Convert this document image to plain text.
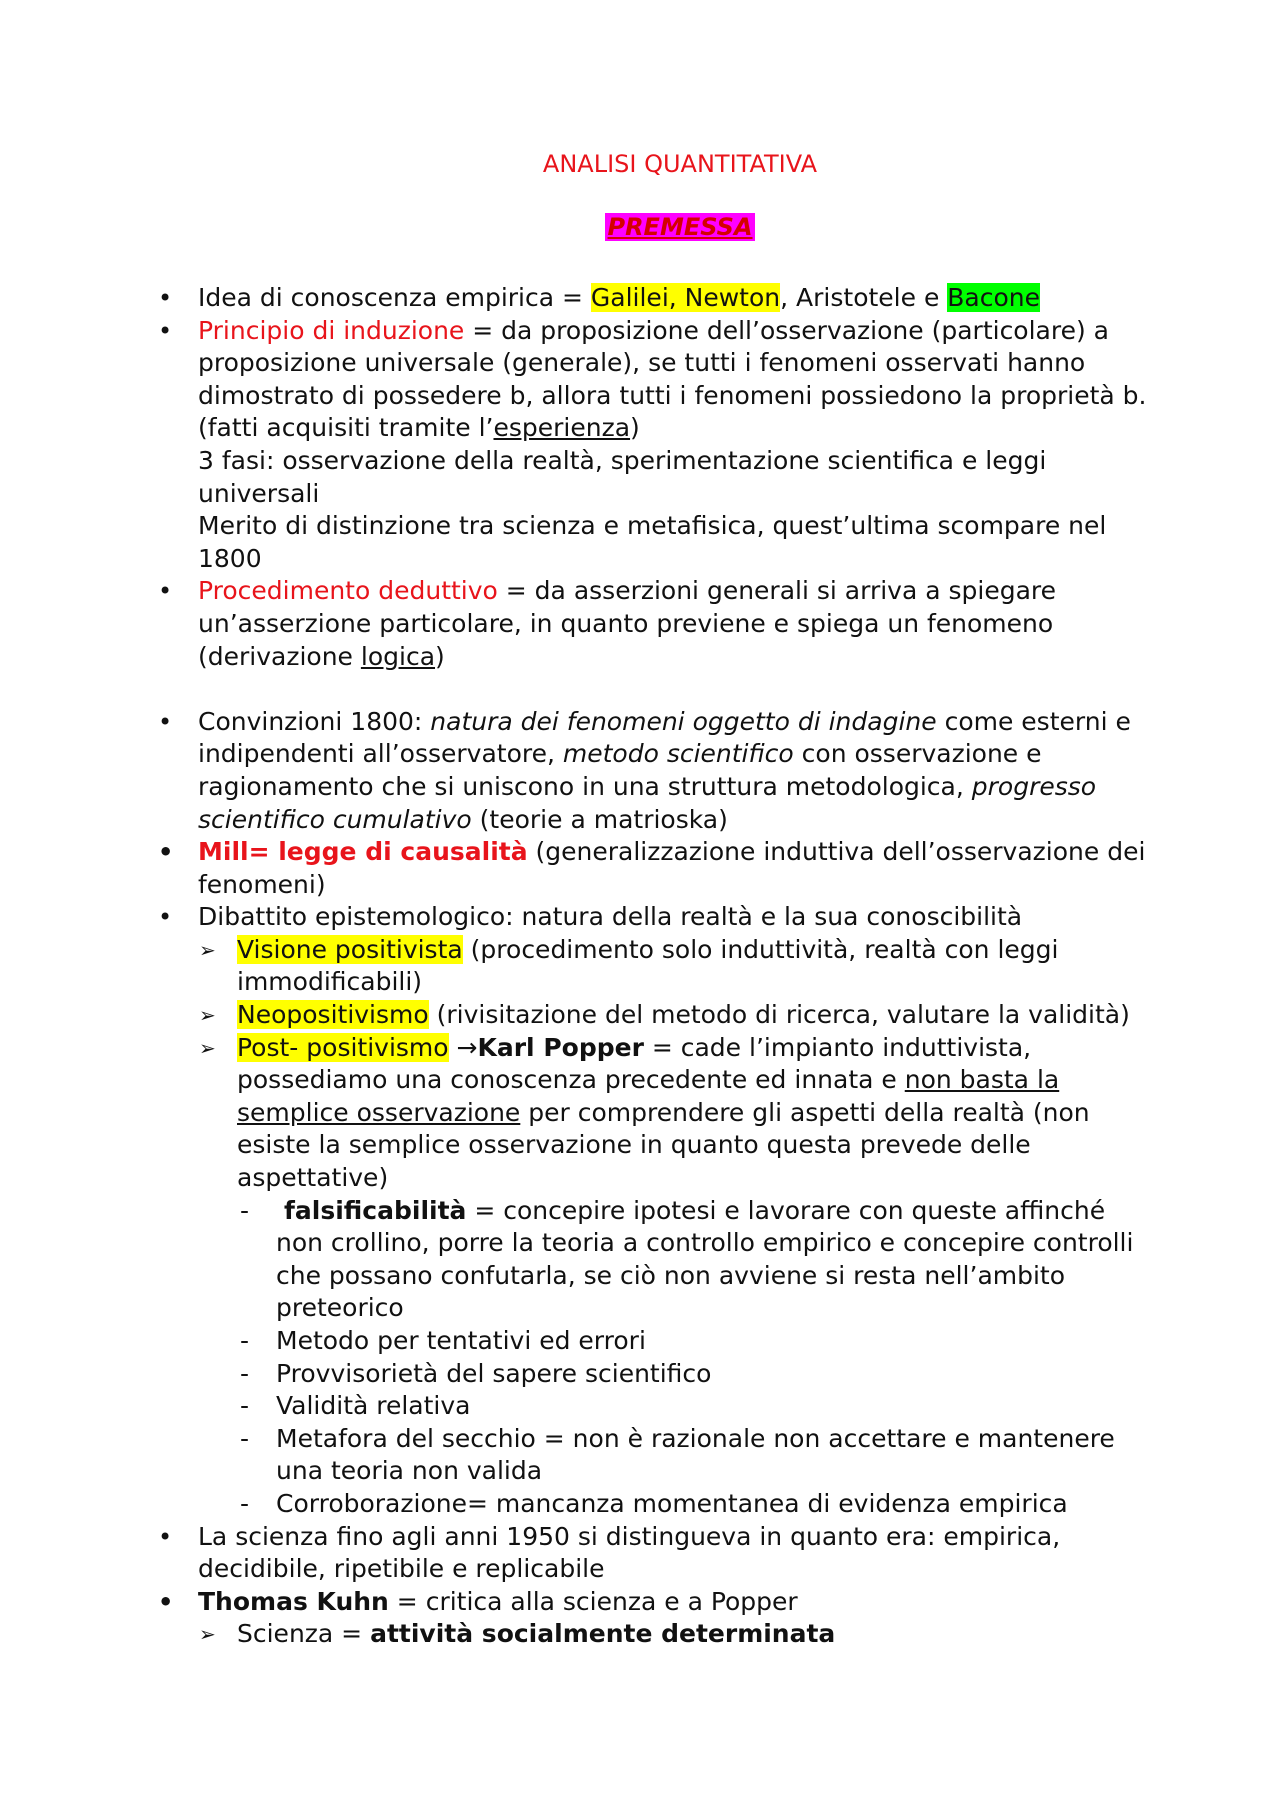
ANALISI QUANTITATIVA
PREMESSA
• Idea di conoscenza empirica = Galilei, Newton, Aristotele e Bacone
• Principio di induzione = da proposizione dell’osservazione (particolare) a proposizione universale (generale), se tutti i fenomeni osservati hanno dimostrato di possedere b, allora tutti i fenomeni possiedono la proprietà b. (fatti acquisiti tramite l’esperienza)
3 fasi: osservazione della realtà, sperimentazione scientifica e leggi universali
Merito di distinzione tra scienza e metafisica, quest’ultima scompare nel 1800
• Procedimento deduttivo = da asserzioni generali si arriva a spiegare un’asserzione particolare, in quanto previene e spiega un fenomeno (derivazione logica)
• Convinzioni 1800: natura dei fenomeni oggetto di indagine come esterni e indipendenti all’osservatore, metodo scientifico con osservazione e ragionamento che si uniscono in una struttura metodologica, progresso scientifico cumulativo (teorie a matrioska)
• Mill= legge di causalità (generalizzazione induttiva dell’osservazione dei fenomeni)
• Dibattito epistemologico: natura della realtà e la sua conoscibilità
➢ Visione positivista (procedimento solo induttività, realtà con leggi immodificabili)
➢ Neopositivismo (rivisitazione del metodo di ricerca, valutare la validità)
➢ Post- positivismo →Karl Popper = cade l’impianto induttivista, possediamo una conoscenza precedente ed innata e non basta la semplice osservazione per comprendere gli aspetti della realtà (non esiste la semplice osservazione in quanto questa prevede delle aspettative)
- falsificabilità = concepire ipotesi e lavorare con queste affinché non crollino, porre la teoria a controllo empirico e concepire controlli che possano confutarla, se ciò non avviene si resta nell’ambito preteorico
- Metodo per tentativi ed errori
- Provvisorietà del sapere scientifico
- Validità relativa
- Metafora del secchio = non è razionale non accettare e mantenere una teoria non valida
- Corroborazione= mancanza momentanea di evidenza empirica
• La scienza fino agli anni 1950 si distingueva in quanto era: empirica, decidibile, ripetibile e replicabile
• Thomas Kuhn = critica alla scienza e a Popper
➢ Scienza = attività socialmente determinata
